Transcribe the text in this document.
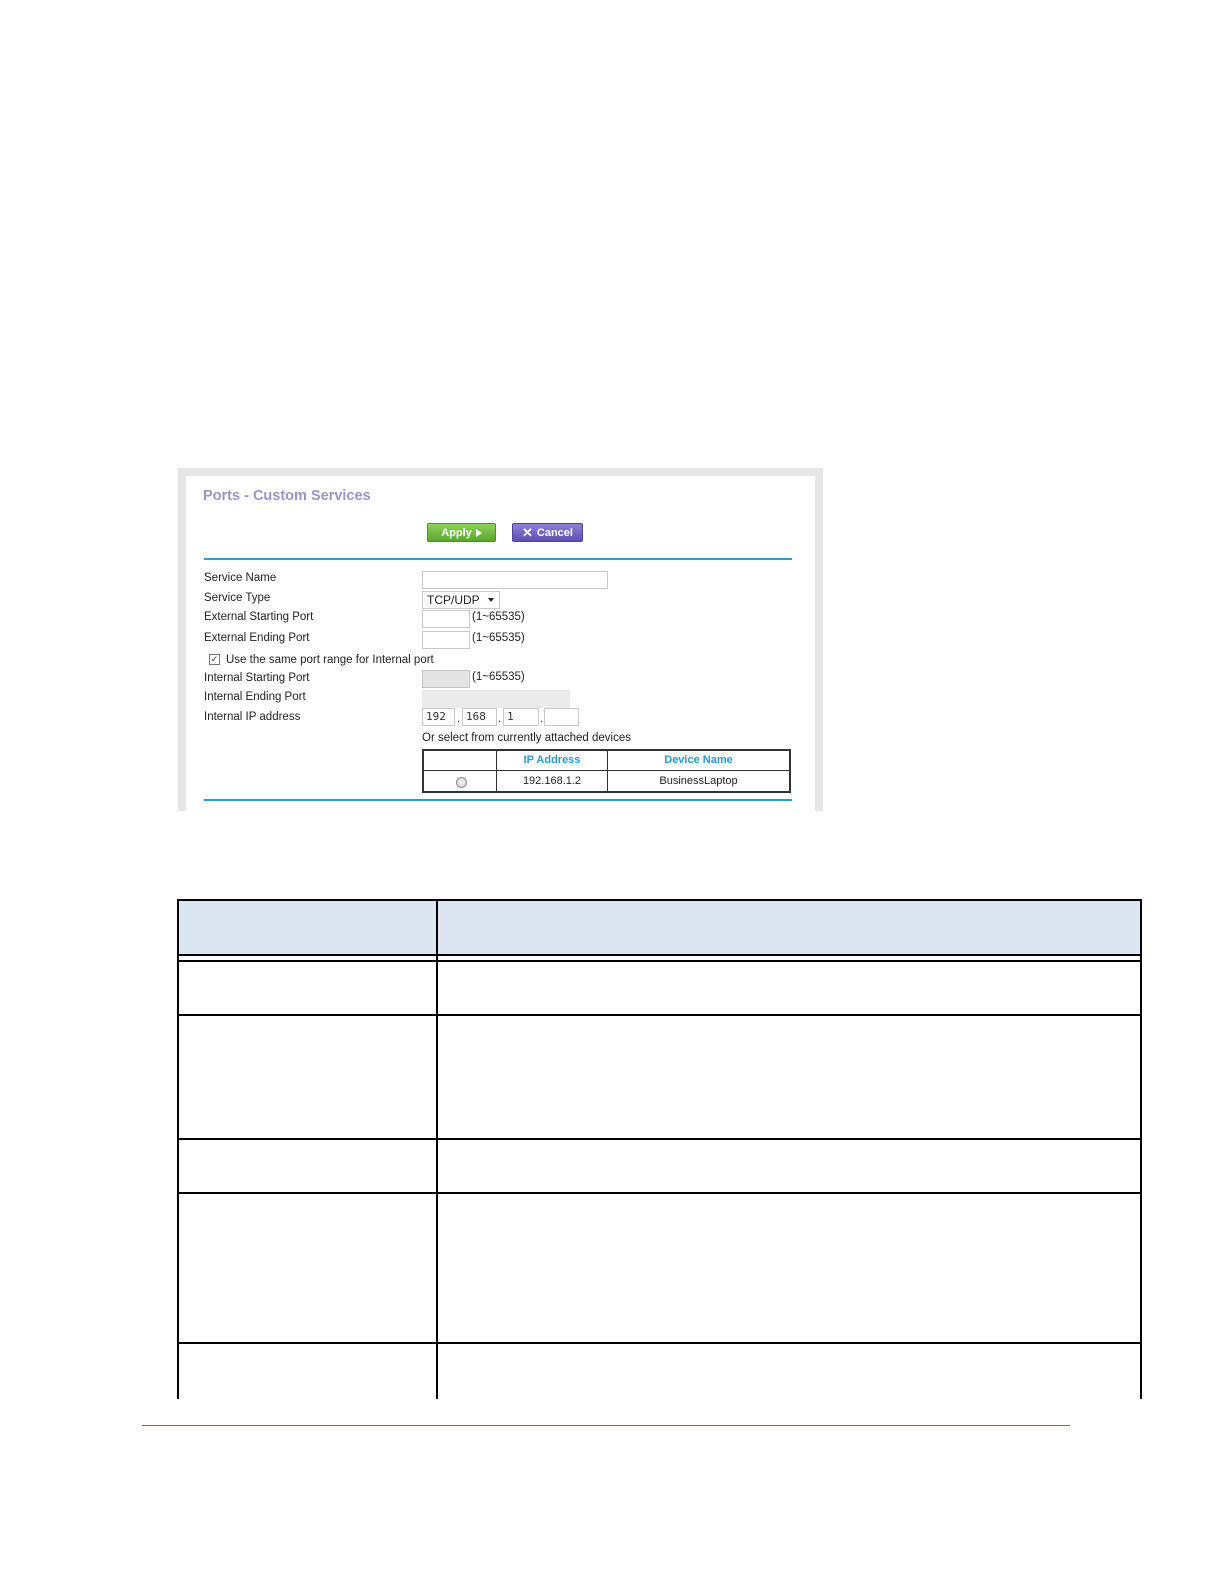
Ports - Custom Services
Apply	✕ Cancel
Service Name
Service Type	TCP/UDP
External Starting Port	(1~65535)
External Ending Port	(1~65535)
✓ Use the same port range for Internal port
Internal Starting Port	(1~65535)
Internal Ending Port
Internal IP address	192	. 168	. 1	.
Or select from currently attached devices
IP Address	Device Name
192.168.1.2	BusinessLaptop
